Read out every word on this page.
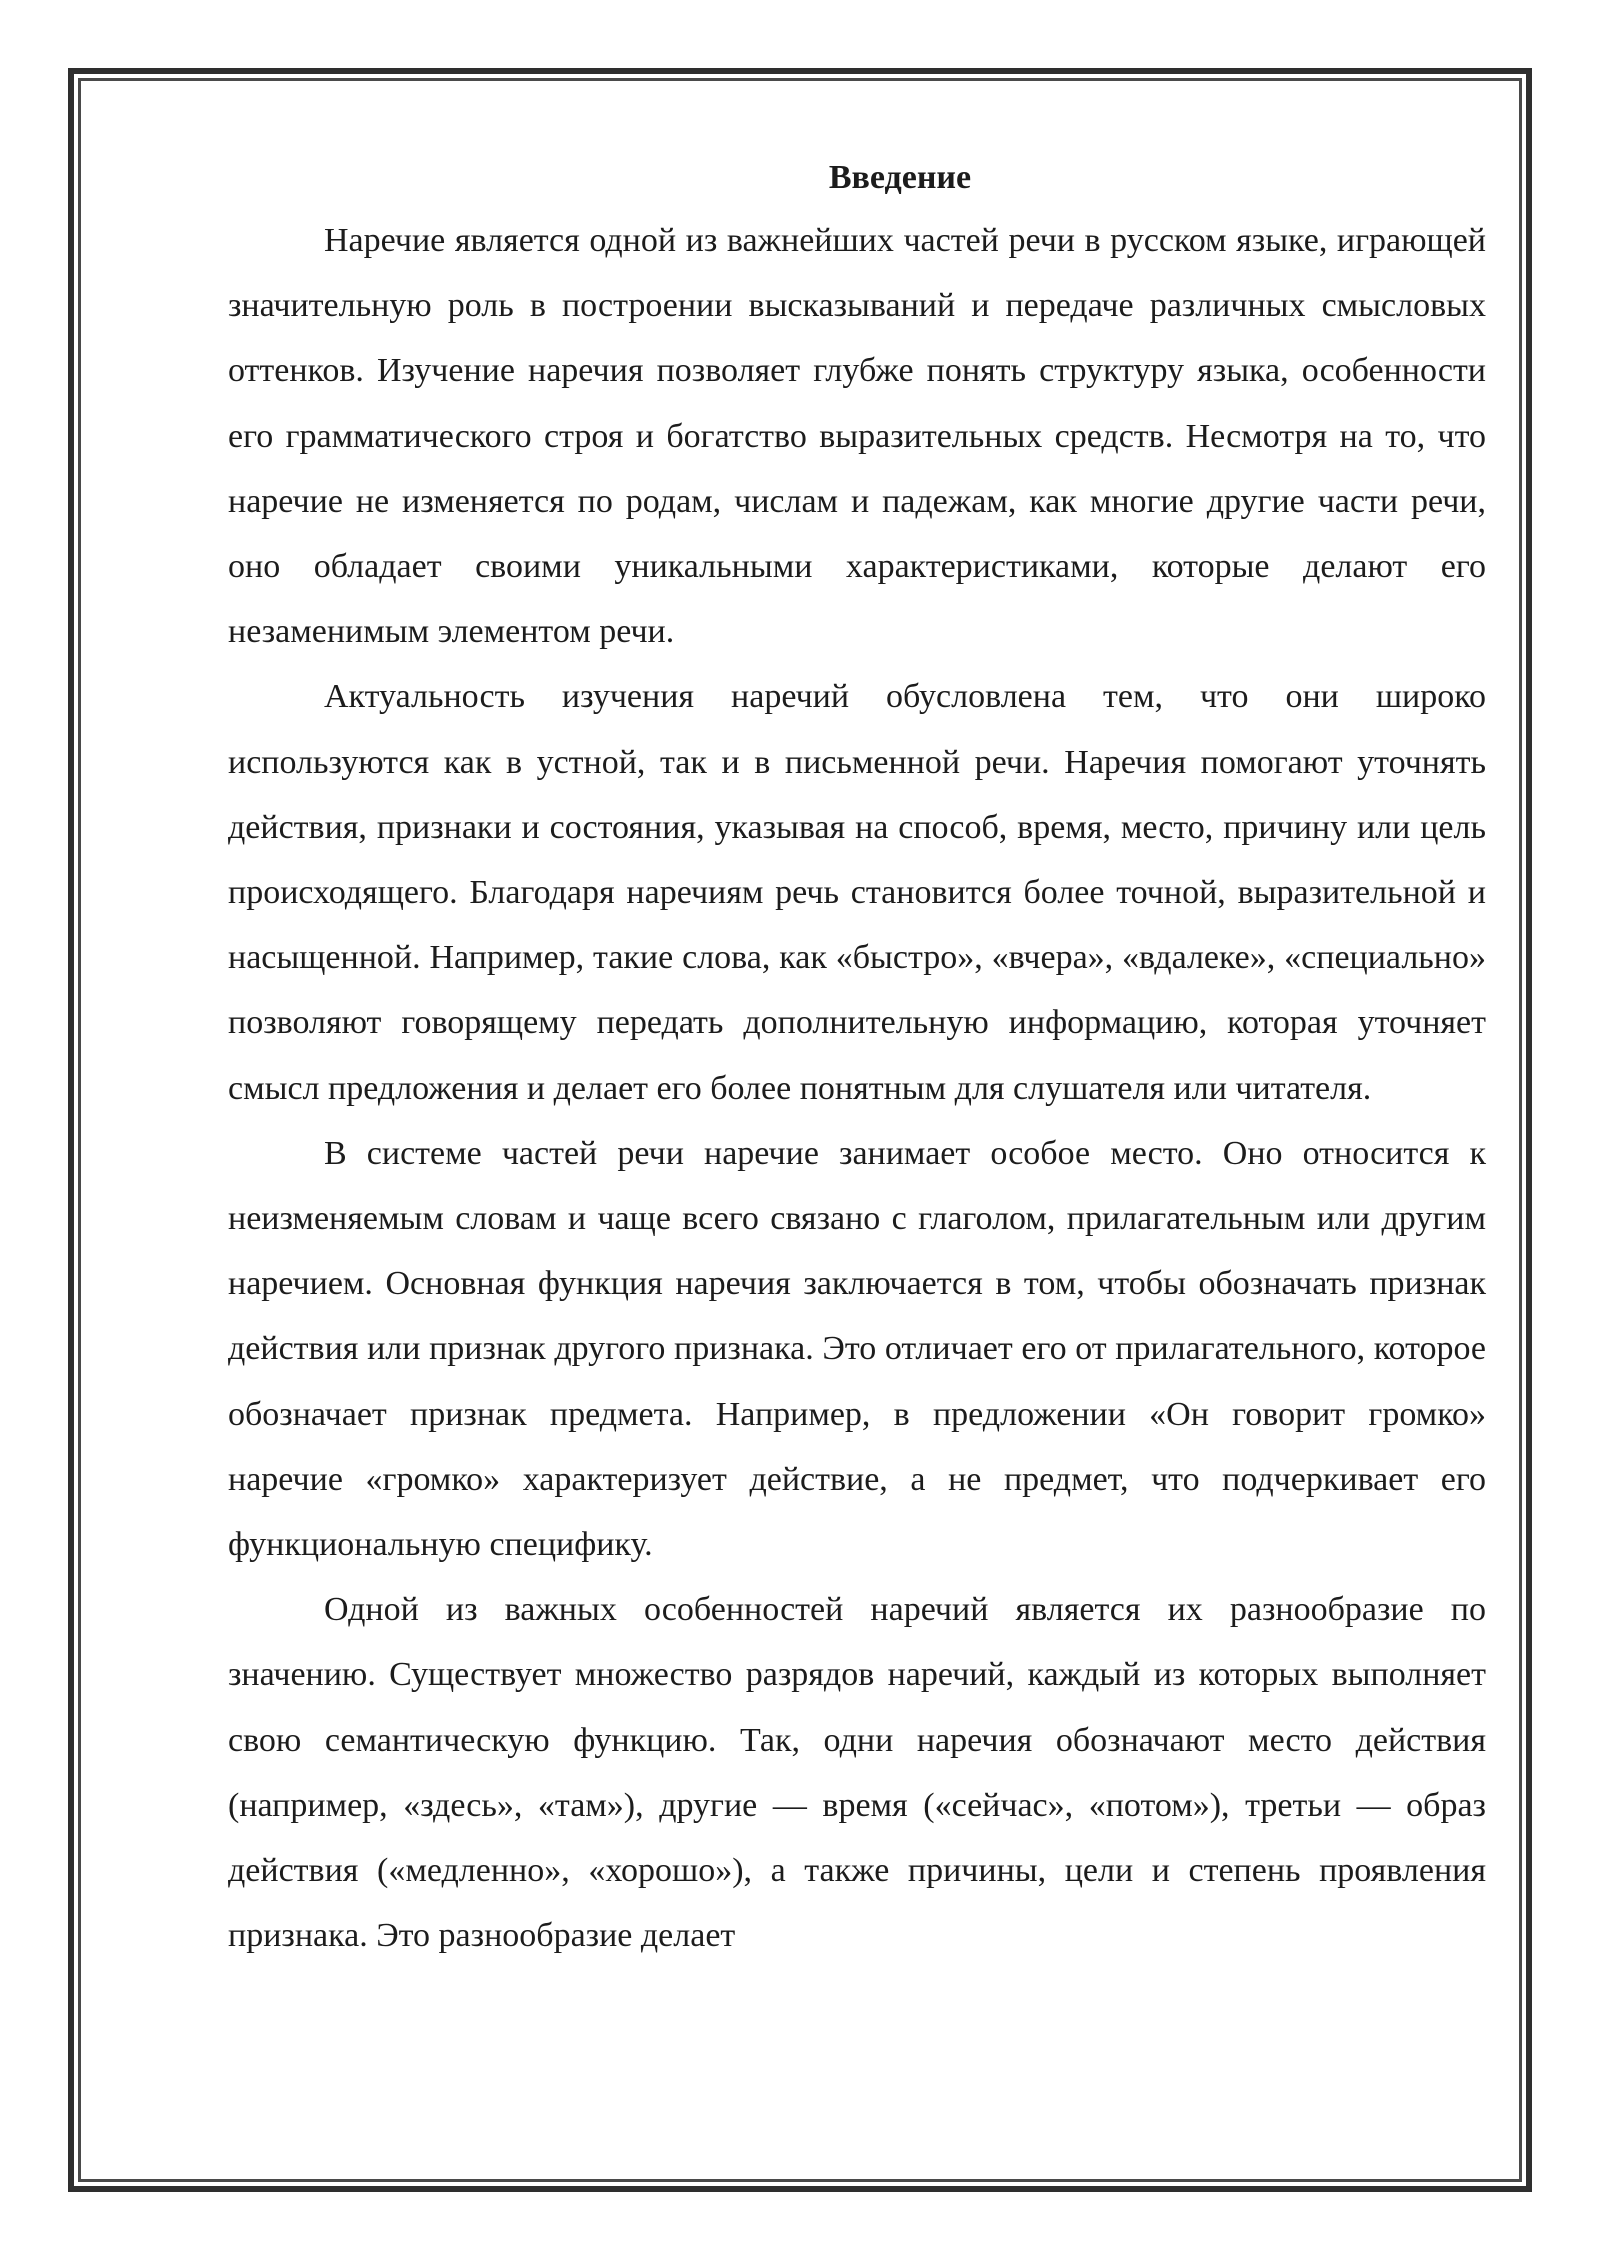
Введение

Наречие является одной из важнейших частей речи в русском языке, играющей значительную роль в построении высказываний и передаче различных смысловых оттенков. Изучение наречия позволяет глубже понять структуру языка, особенности его грамматического строя и богатство выразительных средств. Несмотря на то, что наречие не изменяется по родам, числам и падежам, как многие другие части речи, оно обладает своими уникальными характеристиками, которые делают его незаменимым элементом речи.

Актуальность изучения наречий обусловлена тем, что они широко используются как в устной, так и в письменной речи. Наречия помогают уточнять действия, признаки и состояния, указывая на способ, время, место, причину или цель происходящего. Благодаря наречиям речь становится более точной, выразительной и насыщенной. Например, такие слова, как «быстро», «вчера», «вдалеке», «специально» позволяют говорящему передать дополнительную информацию, которая уточняет смысл предложения и делает его более понятным для слушателя или читателя.

В системе частей речи наречие занимает особое место. Оно относится к неизменяемым словам и чаще всего связано с глаголом, прилагательным или другим наречием. Основная функция наречия заключается в том, чтобы обозначать признак действия или признак другого признака. Это отличает его от прилагательного, которое обозначает признак предмета. Например, в предложении «Он говорит громко» наречие «громко» характеризует действие, а не предмет, что подчеркивает его функциональную специфику.

Одной из важных особенностей наречий является их разнообразие по значению. Существует множество разрядов наречий, каждый из которых выполняет свою семантическую функцию. Так, одни наречия обозначают место действия (например, «здесь», «там»), другие — время («сейчас», «потом»), третьи — образ действия («медленно», «хорошо»), а также причины, цели и степень проявления признака. Это разнообразие делает
